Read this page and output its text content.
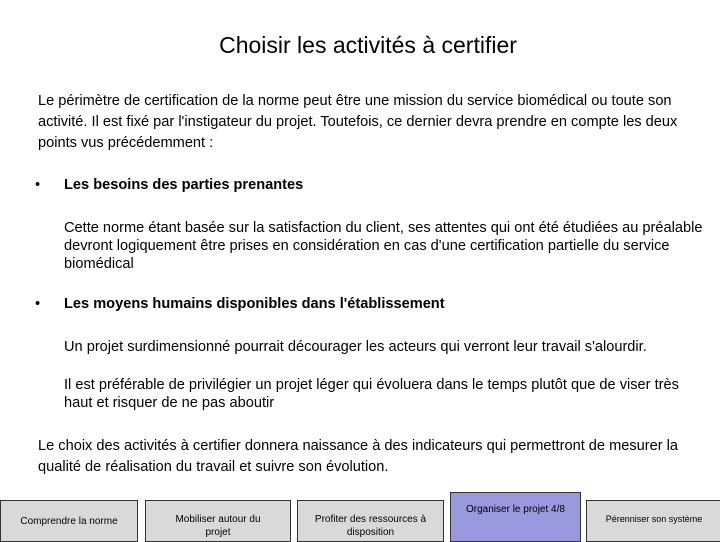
Choisir les activités à certifier
Le périmètre de certification de la norme peut être une mission du service biomédical ou toute son activité. Il est fixé par l'instigateur du projet. Toutefois, ce dernier devra prendre en compte les deux points vus précédemment :
• Les besoins des parties prenantes
Cette norme étant basée sur la satisfaction du client, ses attentes qui ont été étudiées au préalable devront logiquement être prises en considération en cas d'une certification partielle du service biomédical
• Les moyens humains disponibles dans l'établissement
Un projet surdimensionné pourrait décourager les acteurs qui verront leur travail s'alourdir.
Il est préférable de privilégier un projet léger qui évoluera dans le temps plutôt que de viser très haut et risquer de ne pas aboutir
Le choix des activités à certifier donnera naissance à des indicateurs qui permettront de mesurer la qualité de réalisation du travail et suivre son évolution.
Comprendre la norme	Mobiliser autour du projet
Profiter des ressources à disposition
Organiser le projet 4/8
Pérenniser son système
